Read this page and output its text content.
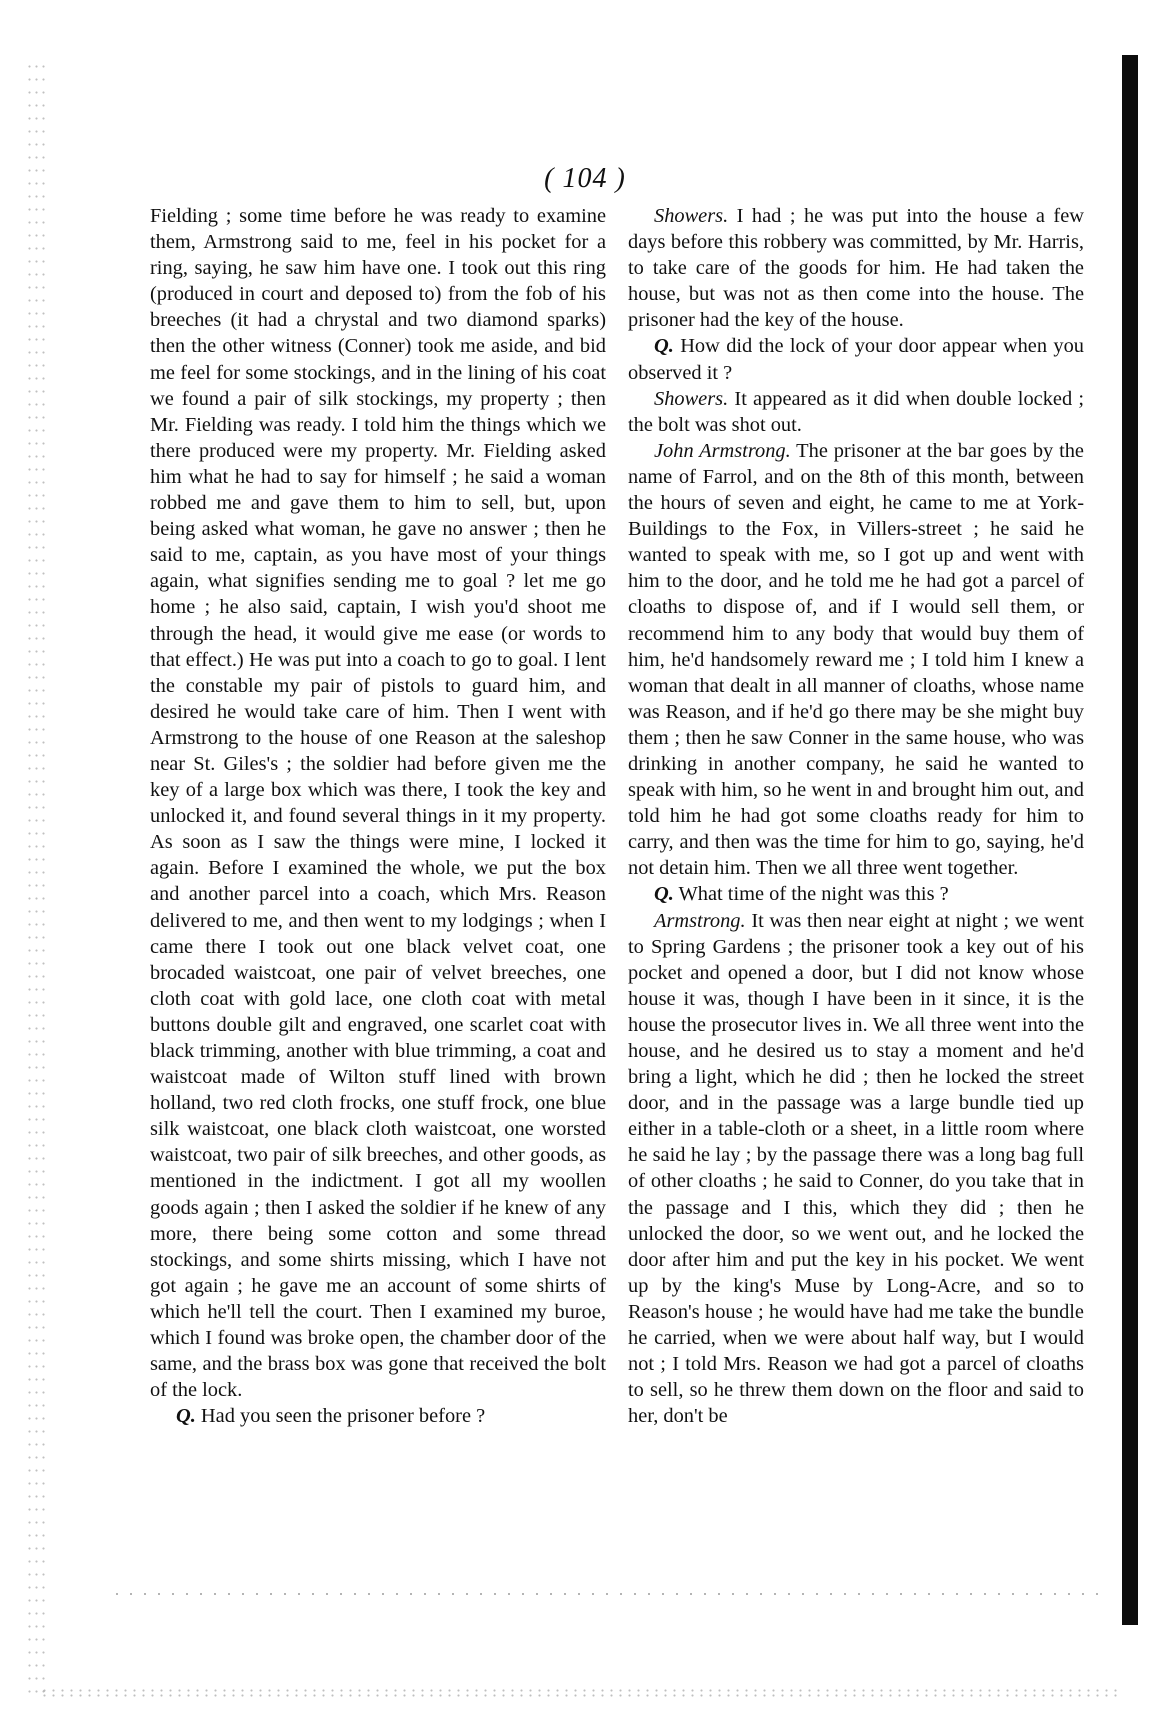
( 104 )

Fielding ; some time before he was ready to examine them, Armstrong said to me, feel in his pocket for a ring, saying, he saw him have one. I took out this ring (produced in court and deposed to) from the fob of his breeches (it had a chrystal and two diamond sparks) then the other witness (Conner) took me aside, and bid me feel for some stockings, and in the lining of his coat we found a pair of silk stockings, my property ; then Mr. Fielding was ready. I told him the things which we there produced were my property. Mr. Fielding asked him what he had to say for himself ; he said a woman robbed me and gave them to him to sell, but, upon being asked what woman, he gave no answer ; then he said to me, captain, as you have most of your things again, what signifies sending me to goal ? let me go home ; he also said, captain, I wish you'd shoot me through the head, it would give me ease (or words to that effect.) He was put into a coach to go to goal. I lent the constable my pair of pistols to guard him, and desired he would take care of him. Then I went with Armstrong to the house of one Reason at the saleshop near St. Giles's ; the soldier had before given me the key of a large box which was there, I took the key and unlocked it, and found several things in it my property. As soon as I saw the things were mine, I locked it again. Before I examined the whole, we put the box and another parcel into a coach, which Mrs. Reason delivered to me, and then went to my lodgings ; when I came there I took out one black velvet coat, one brocaded waistcoat, one pair of velvet breeches, one cloth coat with gold lace, one cloth coat with metal buttons double gilt and engraved, one scarlet coat with black trimming, another with blue trimming, a coat and waistcoat made of Wilton stuff lined with brown holland, two red cloth frocks, one stuff frock, one blue silk waistcoat, one black cloth waistcoat, one worsted waistcoat, two pair of silk breeches, and other goods, as mentioned in the indictment. I got all my woollen goods again ; then I asked the soldier if he knew of any more, there being some cotton and some thread stockings, and some shirts missing, which I have not got again ; he gave me an account of some shirts of which he'll tell the court. Then I examined my buroe, which I found was broke open, the chamber door of the same, and the brass box was gone that received the bolt of the lock.

Q. Had you seen the prisoner before ?

Showers. I had ; he was put into the house a few days before this robbery was committed, by Mr. Harris, to take care of the goods for him. He had taken the house, but was not as then come into the house. The prisoner had the key of the house.

Q. How did the lock of your door appear when you observed it ?

Showers. It appeared as it did when double locked ; the bolt was shot out.

John Armstrong. The prisoner at the bar goes by the name of Farrol, and on the 8th of this month, between the hours of seven and eight, he came to me at York-Buildings to the Fox, in Villers-street ; he said he wanted to speak with me, so I got up and went with him to the door, and he told me he had got a parcel of cloaths to dispose of, and if I would sell them, or recommend him to any body that would buy them of him, he'd handsomely reward me ; I told him I knew a woman that dealt in all manner of cloaths, whose name was Reason, and if he'd go there may be she might buy them ; then he saw Conner in the same house, who was drinking in another company, he said he wanted to speak with him, so he went in and brought him out, and told him he had got some cloaths ready for him to carry, and then was the time for him to go, saying, he'd not detain him. Then we all three went together.

Q. What time of the night was this ?

Armstrong. It was then near eight at night ; we went to Spring Gardens ; the prisoner took a key out of his pocket and opened a door, but I did not know whose house it was, though I have been in it since, it is the house the prosecutor lives in. We all three went into the house, and he desired us to stay a moment and he'd bring a light, which he did ; then he locked the street door, and in the passage was a large bundle tied up either in a table-cloth or a sheet, in a little room where he said he lay ; by the passage there was a long bag full of other cloaths ; he said to Conner, do you take that in the passage and I this, which they did ; then he unlocked the door, so we went out, and he locked the door after him and put the key in his pocket. We went up by the king's Muse by Long-Acre, and so to Reason's house ; he would have had me take the bundle he carried, when we were about half way, but I would not ; I told Mrs. Reason we had got a parcel of cloaths to sell, so he threw them down on the floor and said to her, don't be
